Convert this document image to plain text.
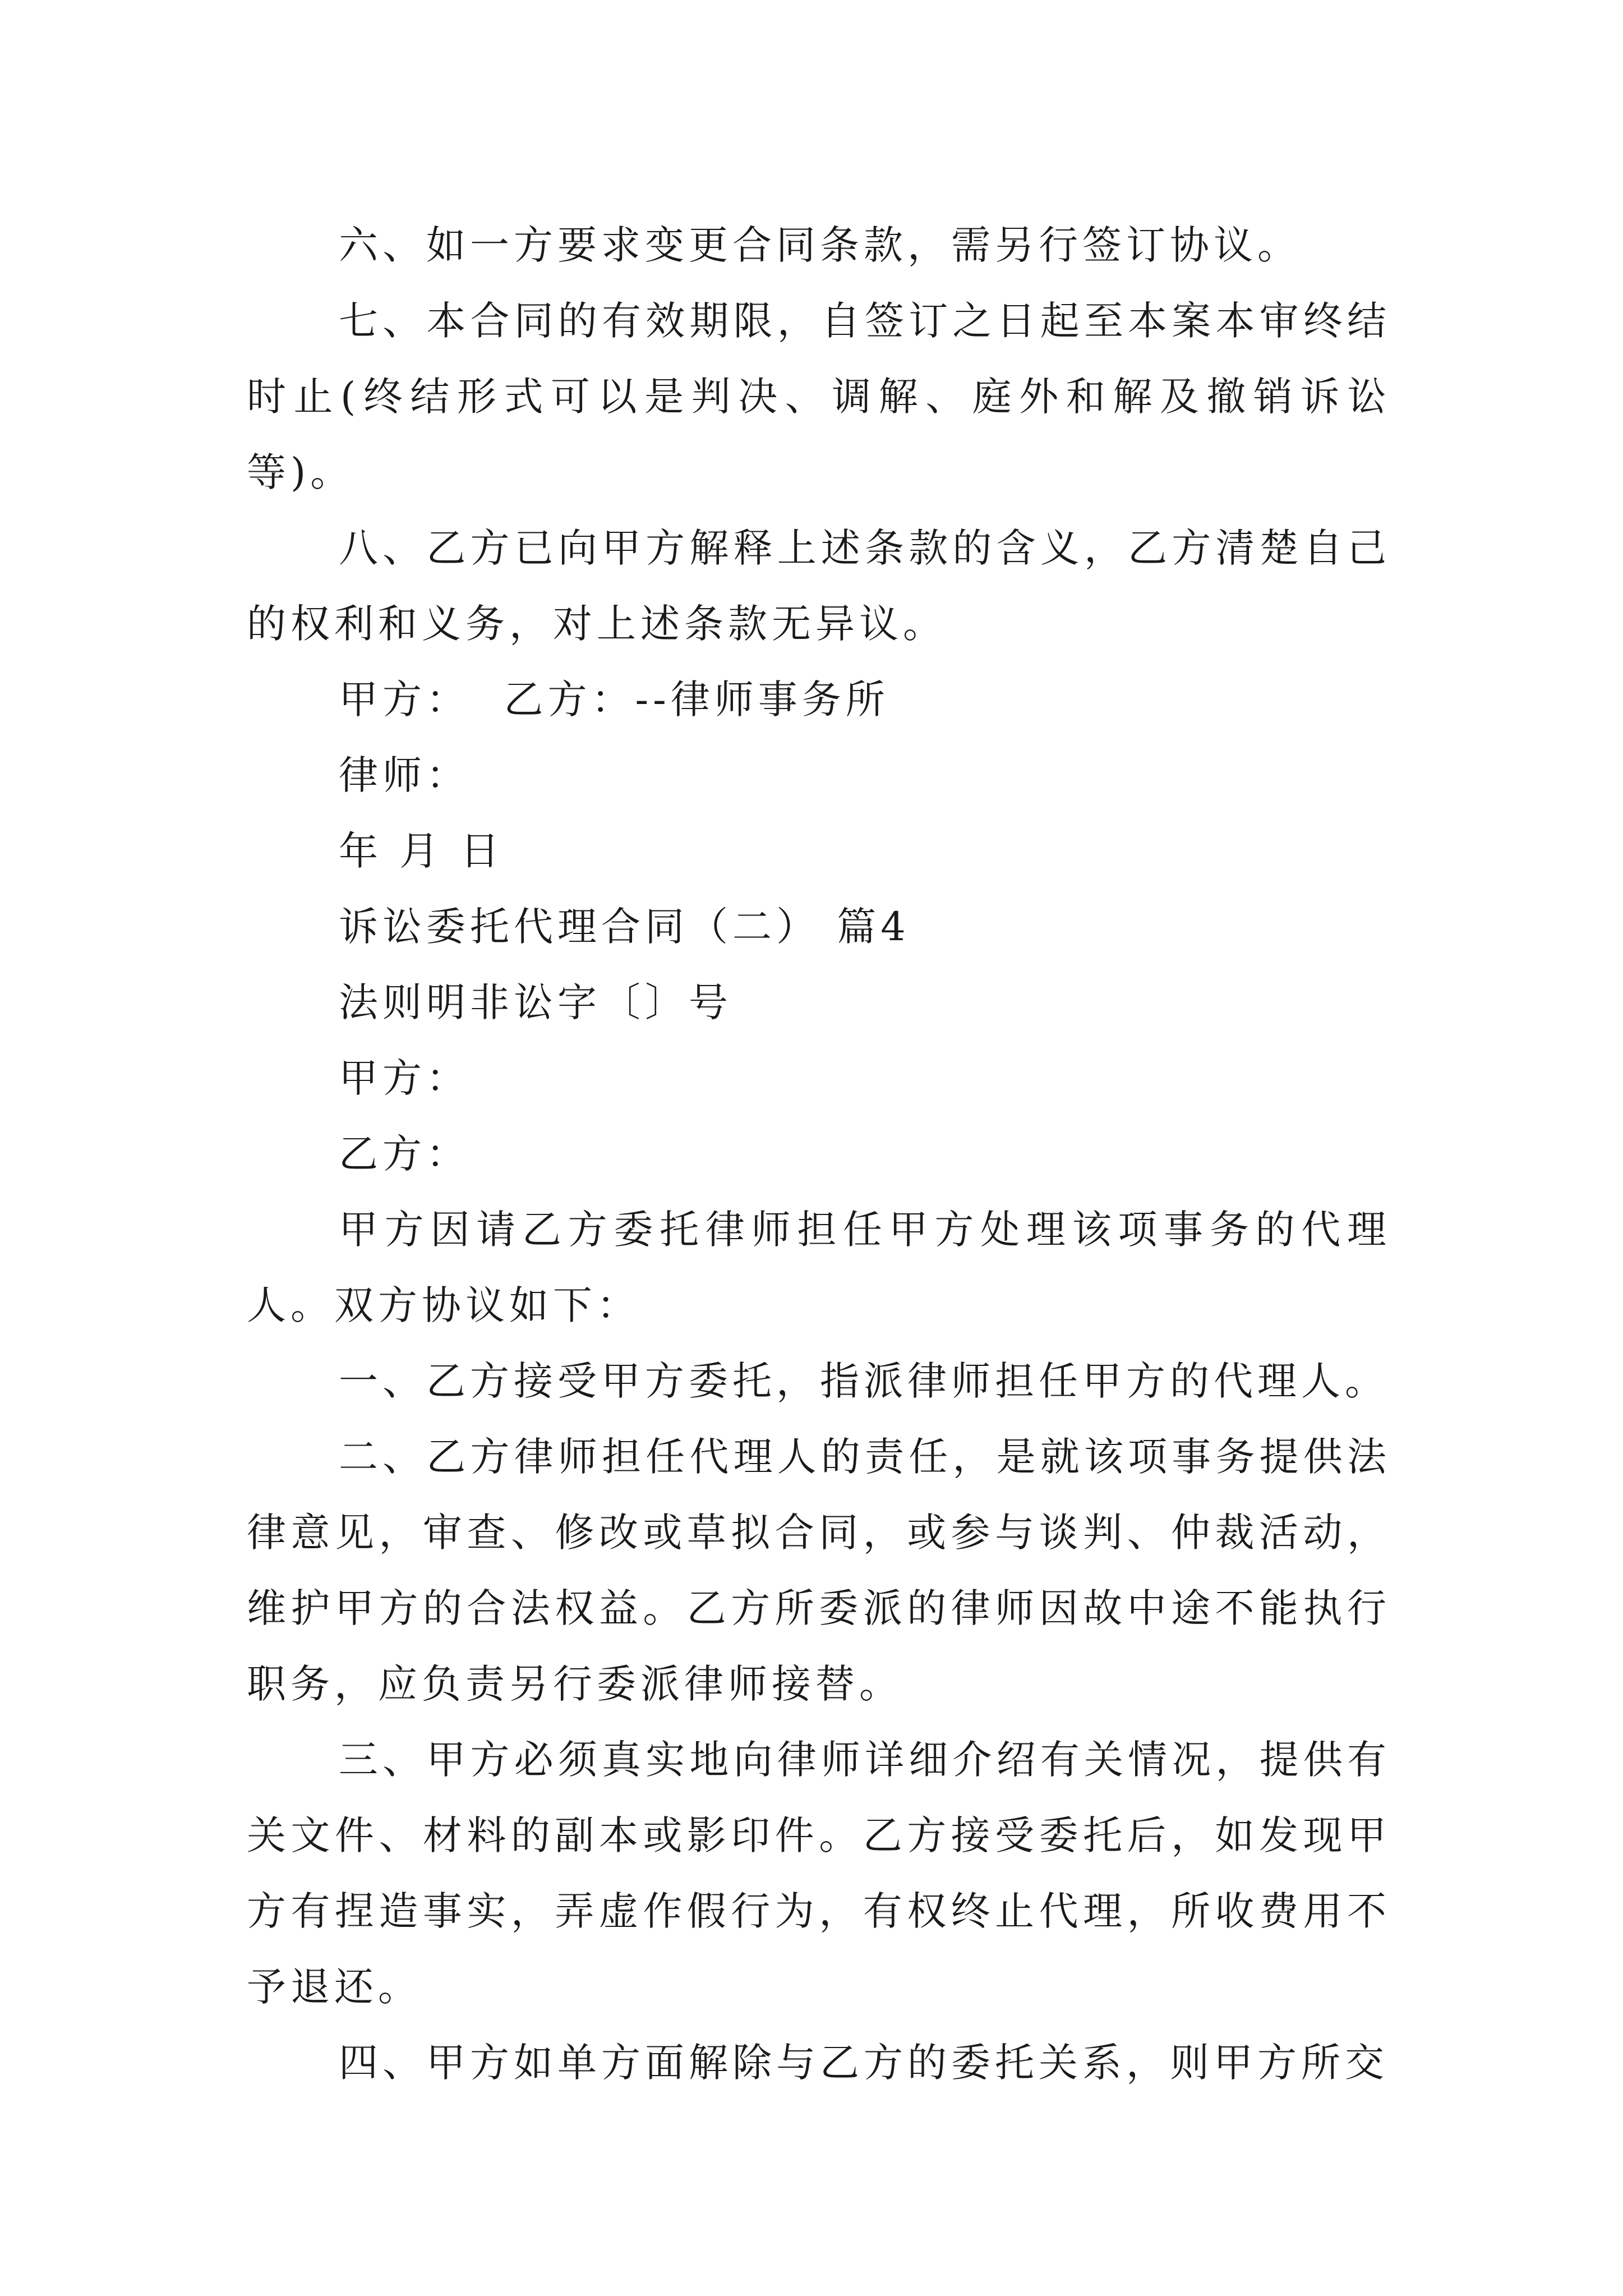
六、如一方要求变更合同条款，需另行签订协议。

七、本合同的有效期限，自签订之日起至本案本审终结时止(终结形式可以是判决、调解、庭外和解及撤销诉讼等)。

八、乙方已向甲方解释上述条款的含义，乙方清楚自己的权利和义务，对上述条款无异议。

甲方：  乙方：--律师事务所

律师：

年 月 日

诉讼委托代理合同（二） 篇4

法则明非讼字〔〕号

甲方：

乙方：

甲方因请乙方委托律师担任甲方处理该项事务的代理人。双方协议如下：

一、乙方接受甲方委托，指派律师担任甲方的代理人。

二、乙方律师担任代理人的责任，是就该项事务提供法律意见，审查、修改或草拟合同，或参与谈判、仲裁活动，维护甲方的合法权益。乙方所委派的律师因故中途不能执行职务，应负责另行委派律师接替。

三、甲方必须真实地向律师详细介绍有关情况，提供有关文件、材料的副本或影印件。乙方接受委托后，如发现甲方有捏造事实，弄虚作假行为，有权终止代理，所收费用不予退还。

四、甲方如单方面解除与乙方的委托关系，则甲方所交
